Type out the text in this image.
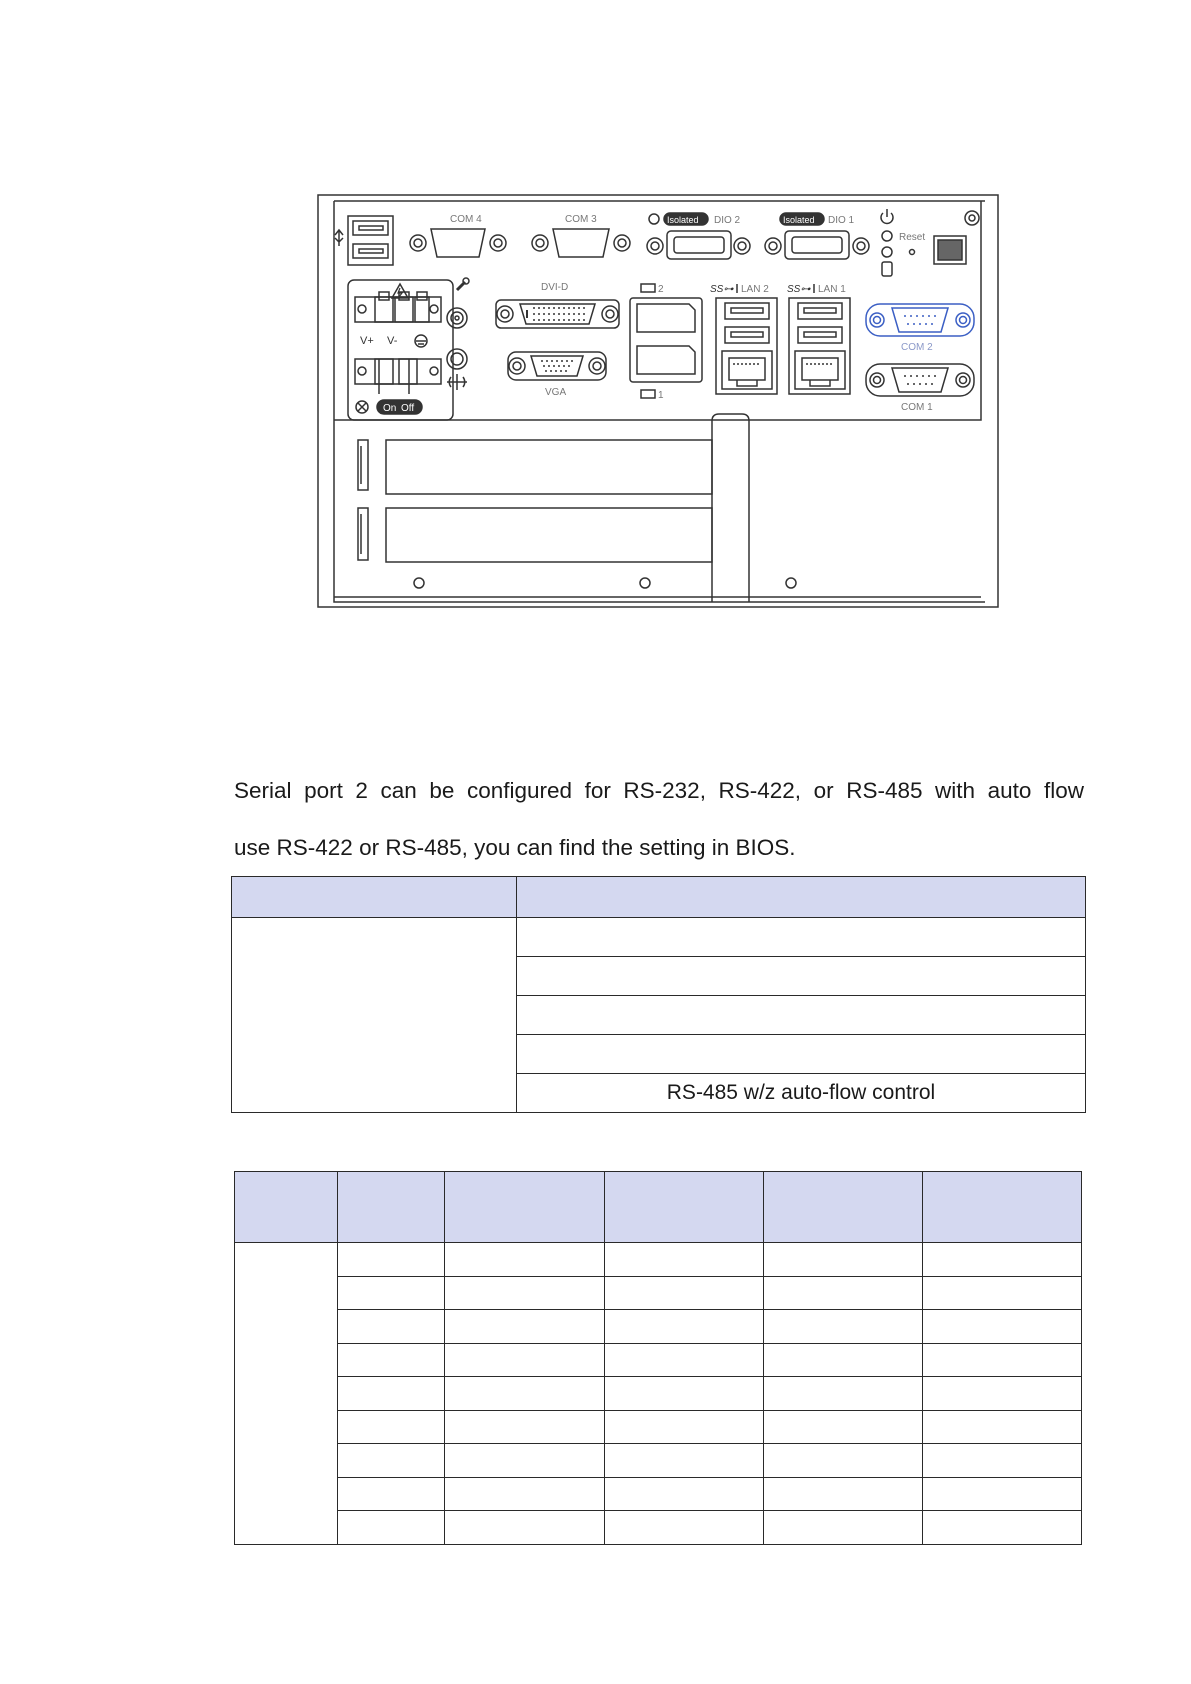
COM 4	COM 3	Isolated DIO 2	Isolated DIO 1
Reset
V+ V-
On Off
DVI-D
VGA
2
1
SS⊶ LAN 2 SS⊶ LAN 1
COM 2
COM 1
Serial port 2 can be configured for RS-232, RS-422, or RS-485 with auto flow
use RS-422 or RS-485, you can find the setting in BIOS.

	RS-485 w/z auto-flow control
